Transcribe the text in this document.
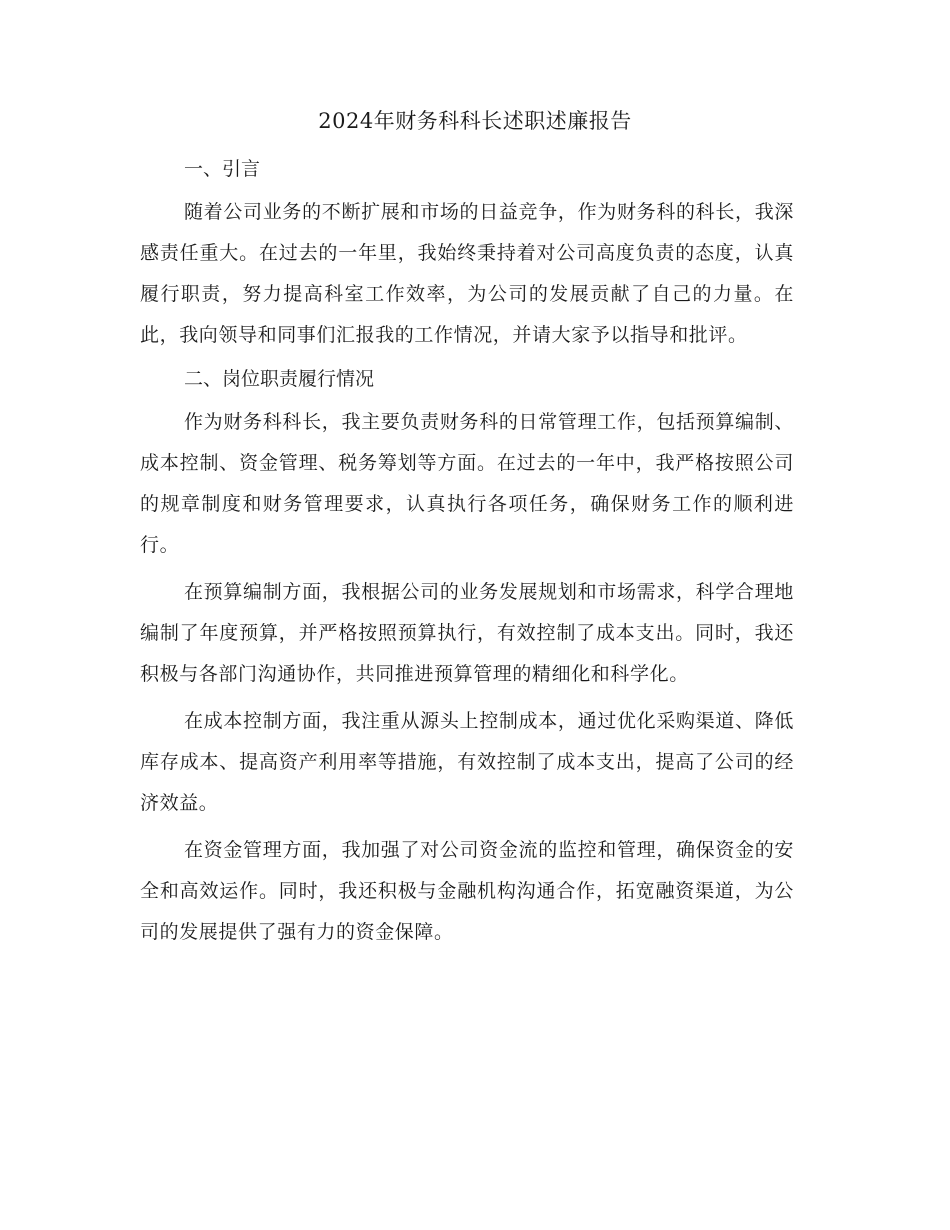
2024年财务科科长述职述廉报告
一、引言

随着公司业务的不断扩展和市场的日益竞争，作为财务科的科长，我深感责任重大。在过去的一年里，我始终秉持着对公司高度负责的态度，认真履行职责，努力提高科室工作效率，为公司的发展贡献了自己的力量。在此，我向领导和同事们汇报我的工作情况，并请大家予以指导和批评。

二、岗位职责履行情况

作为财务科科长，我主要负责财务科的日常管理工作，包括预算编制、成本控制、资金管理、税务筹划等方面。在过去的一年中，我严格按照公司的规章制度和财务管理要求，认真执行各项任务，确保财务工作的顺利进行。

在预算编制方面，我根据公司的业务发展规划和市场需求，科学合理地编制了年度预算，并严格按照预算执行，有效控制了成本支出。同时，我还积极与各部门沟通协作，共同推进预算管理的精细化和科学化。

在成本控制方面，我注重从源头上控制成本，通过优化采购渠道、降低库存成本、提高资产利用率等措施，有效控制了成本支出，提高了公司的经济效益。

在资金管理方面，我加强了对公司资金流的监控和管理，确保资金的安全和高效运作。同时，我还积极与金融机构沟通合作，拓宽融资渠道，为公司的发展提供了强有力的资金保障。
